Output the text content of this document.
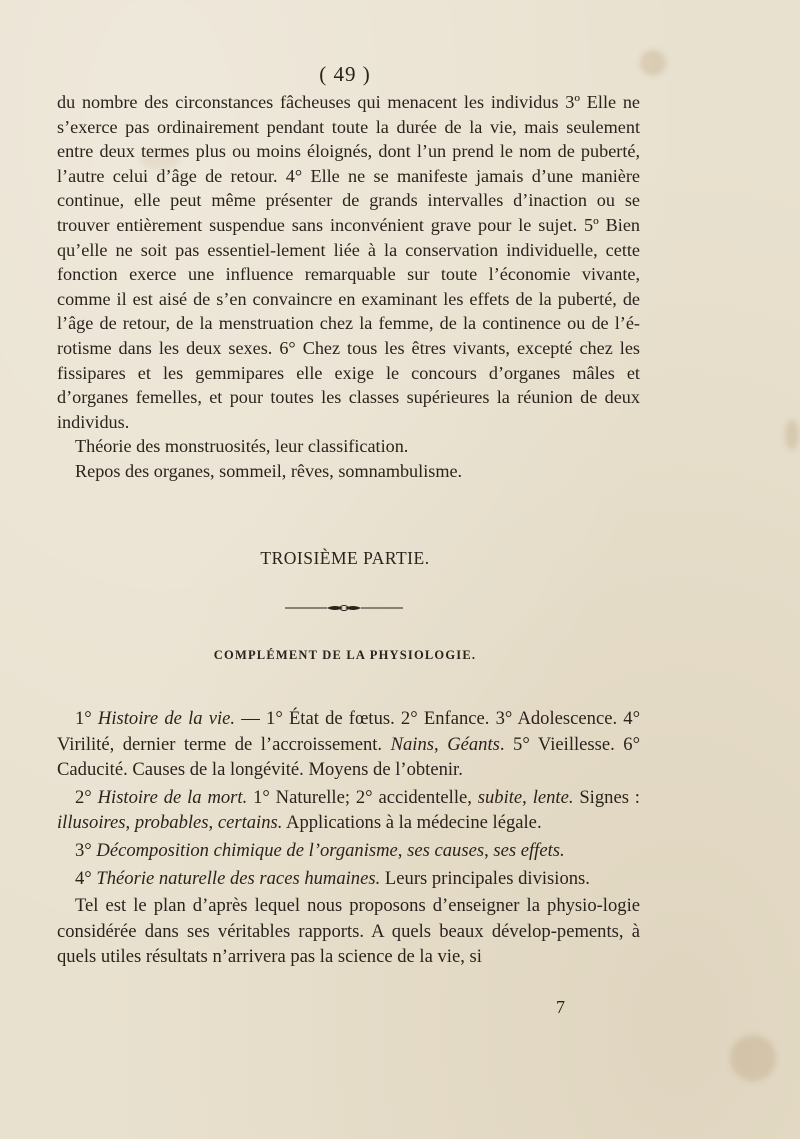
( 49 )

du nombre des circonstances fâcheuses qui menacent les individus 3º Elle ne s’exerce pas ordinairement pendant toute la durée de la vie, mais seulement entre deux termes plus ou moins éloignés, dont l’un prend le nom de puberté, l’autre celui d’âge de retour. 4° Elle ne se manifeste jamais d’une manière continue, elle peut même présenter de grands intervalles d’inaction ou se trouver entièrement suspendue sans inconvénient grave pour le sujet. 5º Bien qu’elle ne soit pas essentiel-lement liée à la conservation individuelle, cette fonction exerce une influence remarquable sur toute l’économie vivante, comme il est aisé de s’en convaincre en examinant les effets de la puberté, de l’âge de retour, de la menstruation chez la femme, de la continence ou de l’é-rotisme dans les deux sexes. 6° Chez tous les êtres vivants, excepté chez les fissipares et les gemmipares elle exige le concours d’organes mâles et d’organes femelles, et pour toutes les classes supérieures la réunion de deux individus.

Théorie des monstruosités, leur classification.

Repos des organes, sommeil, rêves, somnambulisme.

TROISIÈME PARTIE.
COMPLÉMENT DE LA PHYSIOLOGIE.

1° Histoire de la vie. — 1° État de fœtus. 2° Enfance. 3° Adolescence. 4° Virilité, dernier terme de l’accroissement. Nains, Géants. 5° Vieillesse. 6° Caducité. Causes de la longévité. Moyens de l’obtenir.

2° Histoire de la mort. 1° Naturelle; 2° accidentelle, subite, lente. Signes : illusoires, probables, certains. Applications à la médecine légale.

3° Décomposition chimique de l’organisme, ses causes, ses effets.

4° Théorie naturelle des races humaines. Leurs principales divisions.

Tel est le plan d’après lequel nous proposons d’enseigner la physio-logie considérée dans ses véritables rapports. A quels beaux dévelop-pements, à quels utiles résultats n’arrivera pas la science de la vie, si

7
